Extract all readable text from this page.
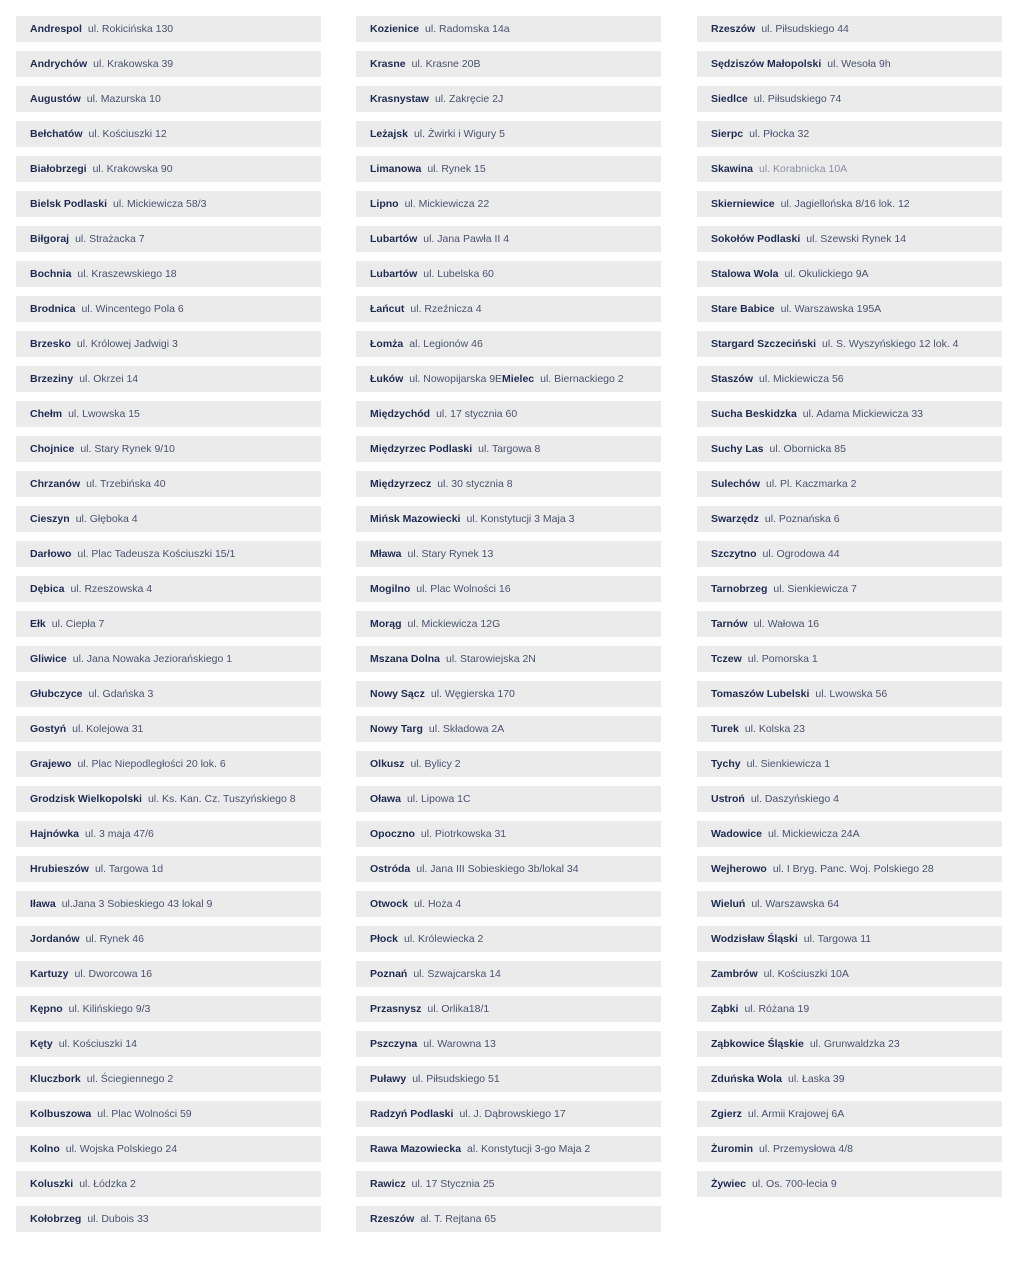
Andrespol ul. Rokicińska 130
Andrychów ul. Krakowska 39
Augustów ul. Mazurska 10
Bełchatów ul. Kościuszki 12
Białobrzegi ul. Krakowska 90
Bielsk Podlaski ul. Mickiewicza 58/3
Biłgoraj ul. Strażacka 7
Bochnia ul. Kraszewskiego 18
Brodnica ul. Wincentego Pola 6
Brzesko ul. Królowej Jadwigi 3
Brzeziny ul. Okrzei 14
Chełm ul. Lwowska 15
Chojnice ul. Stary Rynek 9/10
Chrzanów ul. Trzebińska 40
Cieszyn ul. Głęboka 4
Darłowo ul. Plac Tadeusza Kościuszki 15/1
Dębica ul. Rzeszowska 4
Ełk ul. Ciepła 7
Gliwice ul. Jana Nowaka Jeziorańskiego 1
Głubczyce ul. Gdańska 3
Gostyń ul. Kolejowa 31
Grajewo ul. Plac Niepodległości 20 lok. 6
Grodzisk Wielkopolski ul. Ks. Kan. Cz. Tuszyńskiego 8
Hajnówka ul. 3 maja 47/6
Hrubieszów ul. Targowa 1d
Iława ul.Jana 3 Sobieskiego 43 lokal 9
Jordanów ul. Rynek 46
Kartuzy ul. Dworcowa 16
Kępno ul. Kilińskiego 9/3
Kęty ul. Kościuszki 14
Kluczbork ul. Ściegiennego 2
Kolbuszowa ul. Plac Wolności 59
Kolno ul. Wojska Polskiego 24
Koluszki ul. Łódzka 2
Kołobrzeg ul. Dubois 33
Kozienice ul. Radomska 14a
Krasne ul. Krasne 20B
Krasnystaw ul. Zakręcie 2J
Leżajsk ul. Żwirki i Wigury 5
Limanowa ul. Rynek 15
Lipno ul. Mickiewicza 22
Lubartów ul. Jana Pawła II 4
Lubartów ul. Lubelska 60
Łańcut ul. Rzeźnicza 4
Łomża al. Legionów 46
Łuków ul. Nowopijarska 9E Mielec ul. Biernackiego 2
Międzychód ul. 17 stycznia 60
Międzyrzec Podlaski ul. Targowa 8
Międzyrzecz ul. 30 stycznia 8
Mińsk Mazowiecki ul. Konstytucji 3 Maja 3
Mława ul. Stary Rynek 13
Mogilno ul. Plac Wolności 16
Morąg ul. Mickiewicza 12G
Mszana Dolna ul. Starowiejska 2N
Nowy Sącz ul. Węgierska 170
Nowy Targ ul. Składowa 2A
Olkusz ul. Bylicy 2
Oława ul. Lipowa 1C
Opoczno ul. Piotrkowska 31
Ostróda ul. Jana III Sobieskiego 3b/lokal 34
Otwock ul. Hoża 4
Płock ul. Królewiecka 2
Poznań ul. Szwajcarska 14
Przasnysz ul. Orlika18/1
Pszczyna ul. Warowna 13
Puławy ul. Piłsudskiego 51
Radzyń Podlaski ul. J. Dąbrowskiego 17
Rawa Mazowiecka al. Konstytucji 3-go Maja 2
Rawicz ul. 17 Stycznia 25
Rzeszów al. T. Rejtana 65
Rzeszów ul. Piłsudskiego 44
Sędziszów Małopolski ul. Wesoła 9h
Siedlce ul. Piłsudskiego 74
Sierpc ul. Płocka 32
Skawina ul. Korabnicka 10A
Skierniewice ul. Jagiellońska 8/16 lok. 12
Sokołów Podlaski ul. Szewski Rynek 14
Stalowa Wola ul. Okulickiego 9A
Stare Babice ul. Warszawska 195A
Stargard Szczeciński ul. S. Wyszyńskiego 12 lok. 4
Staszów ul. Mickiewicza 56
Sucha Beskidzka ul. Adama Mickiewicza 33
Suchy Las ul. Obornicka 85
Sulechów ul. Pl. Kaczmarka 2
Swarzędz ul. Poznańska 6
Szczytno ul. Ogrodowa 44
Tarnobrzeg ul. Sienkiewicza 7
Tarnów ul. Wałowa 16
Tczew ul. Pomorska 1
Tomaszów Lubelski ul. Lwowska 56
Turek ul. Kolska 23
Tychy ul. Sienkiewicza 1
Ustroń ul. Daszyńskiego 4
Wadowice ul. Mickiewicza 24A
Wejherowo ul. I Bryg. Panc. Woj. Polskiego 28
Wieluń ul. Warszawska 64
Wodzisław Śląski ul. Targowa 11
Zambrów ul. Kościuszki 10A
Ząbki ul. Różana 19
Ząbkowice Śląskie ul. Grunwaldzka 23
Zduńska Wola ul. Łaska 39
Zgierz ul. Armii Krajowej 6A
Żuromin ul. Przemysłowa 4/8
Żywiec ul. Os. 700-lecia 9
